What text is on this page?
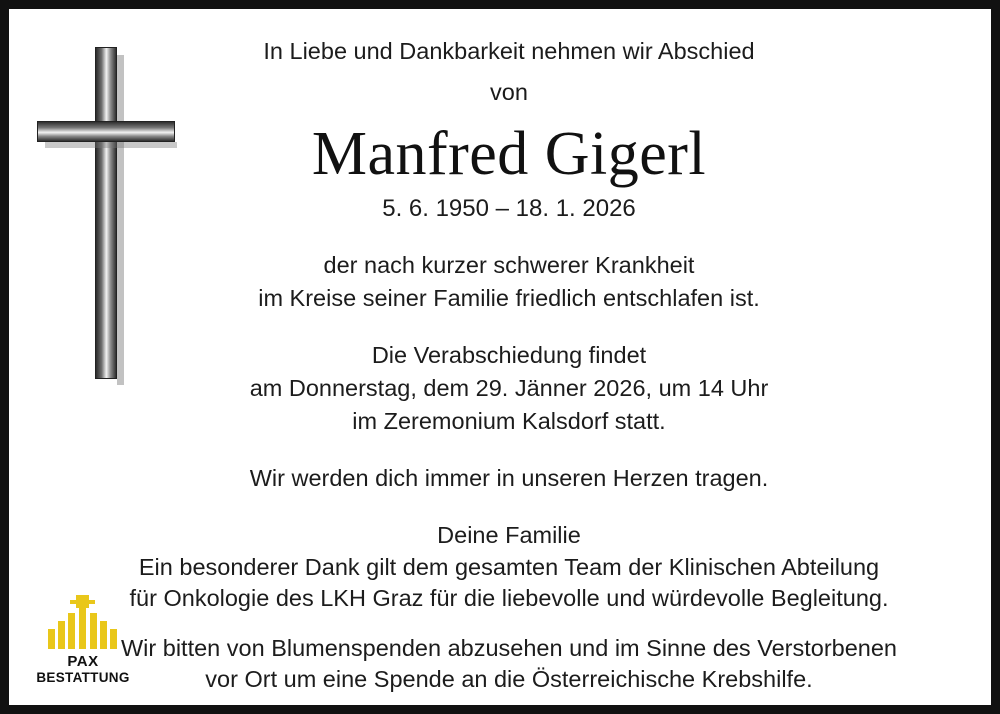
In Liebe und Dankbarkeit nehmen wir Abschied
von
Manfred Gigerl
5. 6. 1950 – 18. 1. 2026
der nach kurzer schwerer Krankheit
im Kreise seiner Familie friedlich entschlafen ist.
Die Verabschiedung findet
am Donnerstag, dem 29. Jänner 2026, um 14 Uhr
im Zeremonium Kalsdorf statt.
Wir werden dich immer in unseren Herzen tragen.
Deine Familie
Ein besonderer Dank gilt dem gesamten Team der Klinischen Abteilung für Onkologie des LKH Graz für die liebevolle und würdevolle Begleitung.
Wir bitten von Blumenspenden abzusehen und im Sinne des Verstorbenen vor Ort um eine Spende an die Österreichische Krebshilfe.
PAX
BESTATTUNG
